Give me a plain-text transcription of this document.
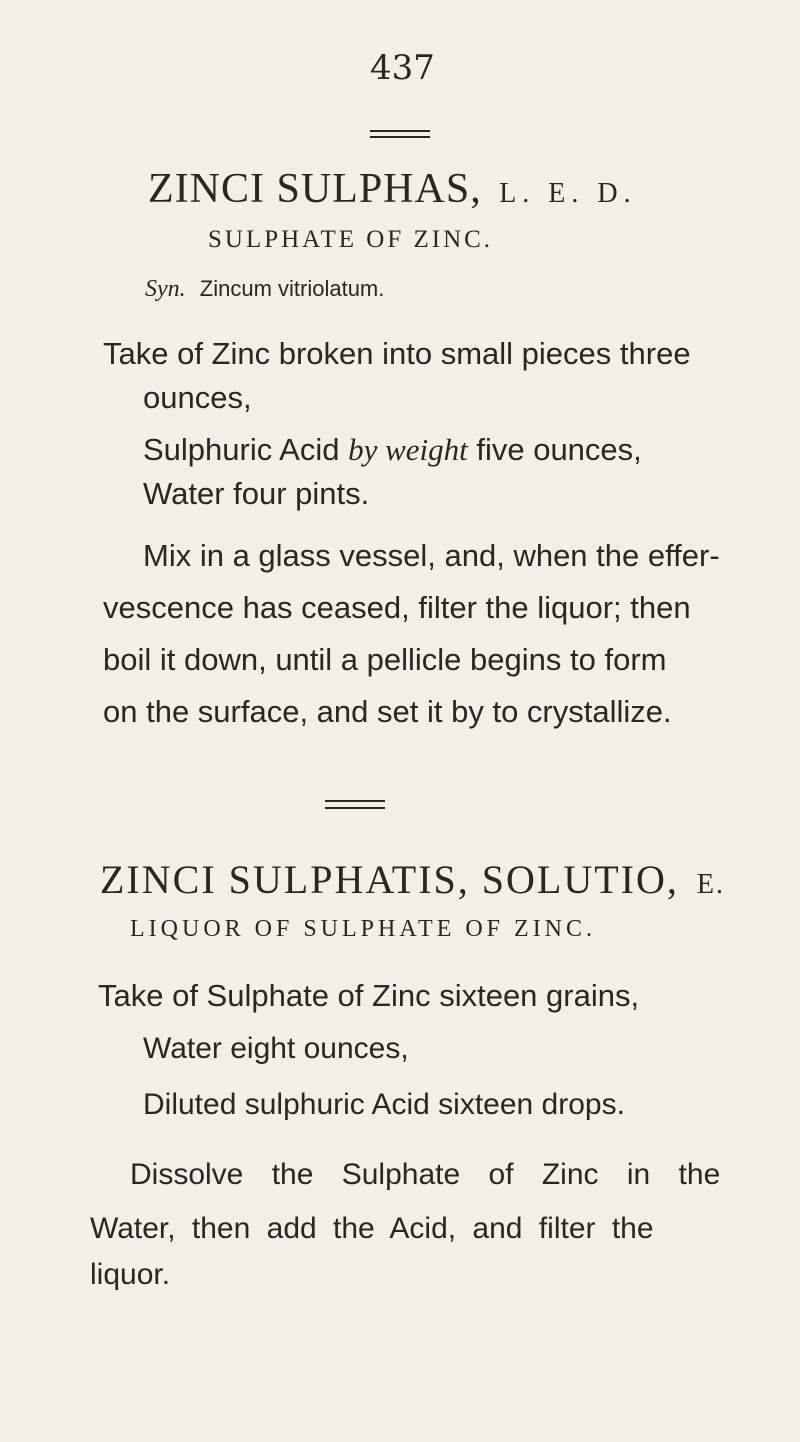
437
ZINCI SULPHAS, L. E. D.
SULPHATE OF ZINC.
Syn. Zincum vitriolatum.
Take of Zinc broken into small pieces three
ounces,
Sulphuric Acid by weight five ounces,
Water four pints.
Mix in a glass vessel, and, when the effer-
vescence has ceased, filter the liquor; then
boil it down, until a pellicle begins to form
on the surface, and set it by to crystallize.
ZINCI SULPHATIS, SOLUTIO, E.
LIQUOR OF SULPHATE OF ZINC.
Take of Sulphate of Zinc sixteen grains,
Water eight ounces,
Diluted sulphuric Acid sixteen drops.
Dissolve the Sulphate of Zinc in the
Water, then add the Acid, and filter the
liquor.
